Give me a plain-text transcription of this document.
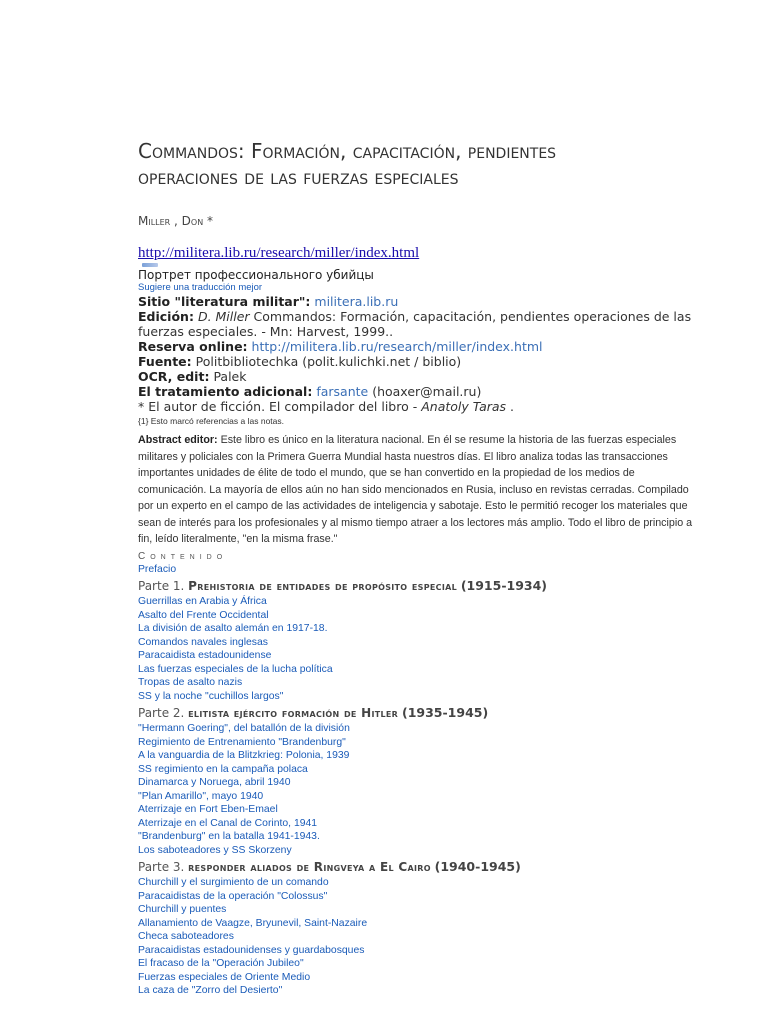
Commandos: Formación, capacitación, pendientes
operaciones de las fuerzas especiales
Miller , Don *
http://militera.lib.ru/research/miller/index.html
Портрет профессионального убийцы
Sugiere una traducción mejor
Sitio "literatura militar": militera.lib.ru
Edición: D. Miller Commandos: Formación, capacitación, pendientes operaciones de las fuerzas especiales. - Mn: Harvest, 1999..
Reserva online: http://militera.lib.ru/research/miller/index.html
Fuente: Politbibliotechka (polit.kulichki.net / biblio)
OCR, edit: Palek
El tratamiento adicional: farsante (hoaxer@mail.ru)
* El autor de ficción. El compilador del libro - Anatoly Taras .
{1} Esto marcó referencias a las notas.
Abstract editor: Este libro es único en la literatura nacional. En él se resume la historia de las fuerzas especiales militares y policiales con la Primera Guerra Mundial hasta nuestros días. El libro analiza todas las transacciones importantes unidades de élite de todo el mundo, que se han convertido en la propiedad de los medios de comunicación. La mayoría de ellos aún no han sido mencionados en Rusia, incluso en revistas cerradas. Compilado por un experto en el campo de las actividades de inteligencia y sabotaje. Esto le permitió recoger los materiales que sean de interés para los profesionales y al mismo tiempo atraer a los lectores más amplio. Todo el libro de principio a fin, leído literalmente, "en la misma frase."
Contenido
Prefacio
Parte 1. Prehistoria de entidades de propósito especial (1915-1934)
Guerrillas en Arabia y África
Asalto del Frente Occidental
La división de asalto alemán en 1917-18.
Comandos navales inglesas
Paracaidista estadounidense
Las fuerzas especiales de la lucha política
Tropas de asalto nazis
SS y la noche "cuchillos largos"
Parte 2. elitista ejército formación de Hitler (1935-1945)
"Hermann Goering", del batallón de la división
Regimiento de Entrenamiento "Brandenburg"
A la vanguardia de la Blitzkrieg: Polonia, 1939
SS regimiento en la campaña polaca
Dinamarca y Noruega, abril 1940
"Plan Amarillo", mayo 1940
Aterrizaje en Fort Eben-Emael
Aterrizaje en el Canal de Corinto, 1941
"Brandenburg" en la batalla 1941-1943.
Los saboteadores y SS Skorzeny
Parte 3. responder aliados de Ringveya a El Cairo (1940-1945)
Churchill y el surgimiento de un comando
Paracaidistas de la operación "Colossus"
Churchill y puentes
Allanamiento de Vaagze, Bryunevil, Saint-Nazaire
Checa saboteadores
Paracaidistas estadounidenses y guardabosques
El fracaso de la "Operación Jubileo"
Fuerzas especiales de Oriente Medio
La caza de "Zorro del Desierto"
